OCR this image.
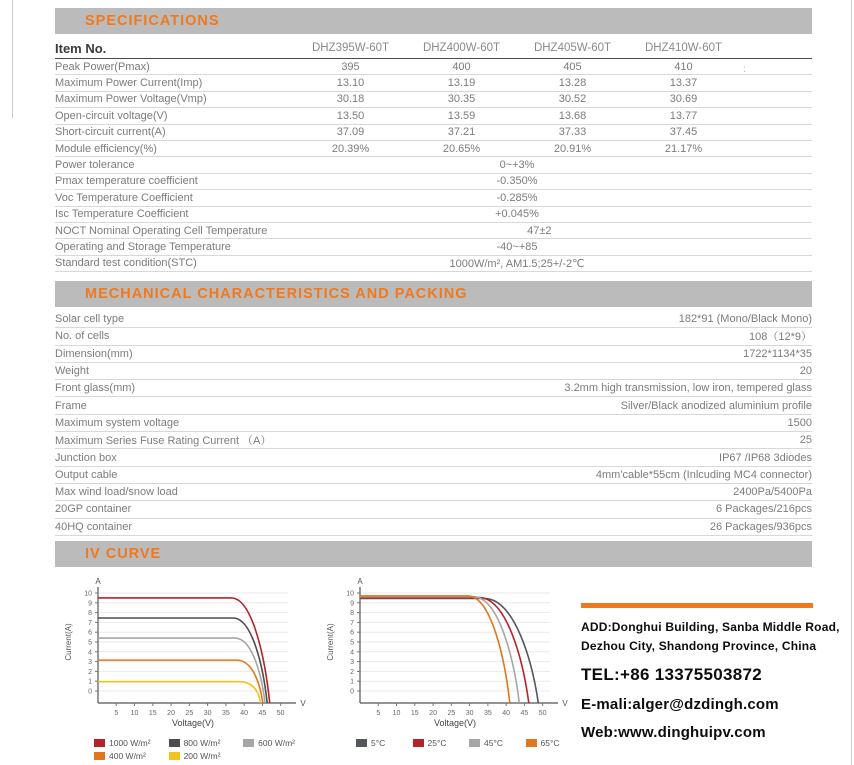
SPECIFICATIONS
Item No.	DHZ395W-60T	DHZ400W-60T	DHZ405W-60T	DHZ410W-60T
Peak Power(Pmax)	395	400	405	410
Maximum Power Current(Imp)	13.10	13.19	13.28	13.37
Maximum Power Voltage(Vmp)	30.18	30.35	30.52	30.69
Open-circuit voltage(V)	13.50	13.59	13.68	13.77
Short-circuit current(A)	37.09	37.21	37.33	37.45
Module efficiency(%)	20.39%	20.65%	20.91%	21.17%
Power tolerance	0~+3%
Pmax temperature coefficient	-0.350%
Voc Temperature Coefficient	-0.285%
Isc Temperature Coefficient	+0.045%
NOCT Nominal Operating Cell Temperature	47±2
Operating and Storage Temperature	-40~+85
Standard test condition(STC)	1000W/m², AM1.5;25+/-2℃
:
MECHANICAL CHARACTERISTICS AND PACKING
Solar cell type	182*91 (Mono/Black Mono)
No. of cells	108（12*9）
Dimension(mm)	1722*1134*35
Weight	20
Front glass(mm)	3.2mm high transmission, low iron, tempered glass
Frame	Silver/Black anodized aluminium profile
Maximum system voltage	1500
Maximum Series Fuse Rating Current （A）	25
Junction box	IP67 /IP68 3diodes
Output cable	4mm'cable*55cm (Inlcuding MC4 connector)
Max wind load/snow load	2400Pa/5400Pa
20GP container	6 Packages/216pcs
40HQ container	26 Packages/936pcs
IV CURVE
A
V
0
1
2
3
4
5
6
7
8
9
10
5 10 15 20 25 30 35 40 45 50
Current(A)
Voltage(V)
1000 W/m²	800 W/m²	600 W/m²
400 W/m²	200 W/m²
A
V
0
1
2
3
4
5
6
7
8
9
10
5 10 15 20 25 30 35 40 45 50
Current(A)
Voltage(V)
5°C	25°C	45°C	65°C
ADD:Donghui Building, Sanba Middle Road,
Dezhou City, Shandong Province, China
TEL:+86 13375503872
E-mali:alger@dzdingh.com
Web:www.dinghuipv.com
